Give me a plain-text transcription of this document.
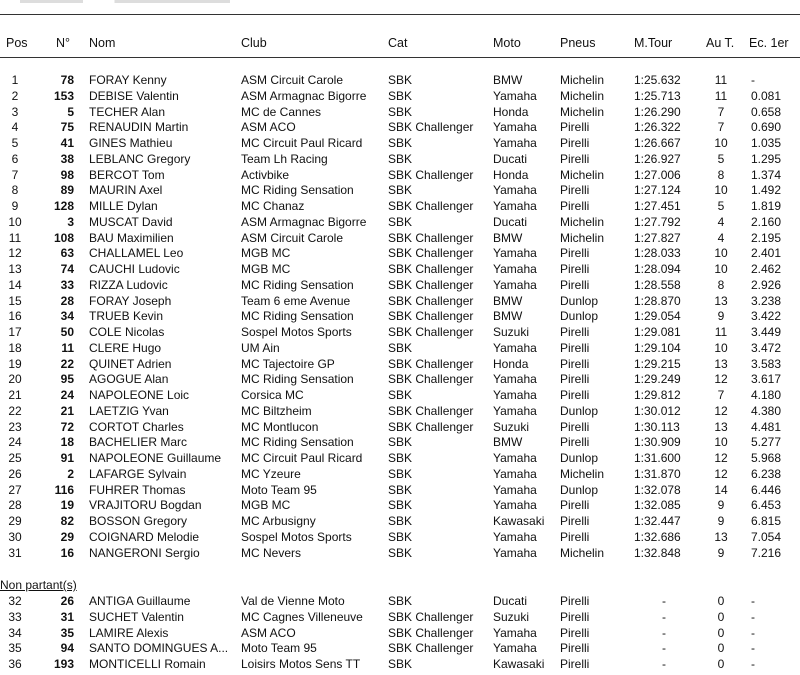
Pos	N°	Nom	Club	Cat	Moto	Pneus	M.Tour	Au T.	Ec. 1er
1	78 FORAY Kenny	ASM Circuit Carole	SBK	BMW	Michelin	1:25.632	11	-
2	153 DEBISE Valentin	ASM Armagnac Bigorre	SBK	Yamaha	Michelin	1:25.713	11	0.081
3	5 TECHER Alan	MC de Cannes	SBK	Honda	Michelin	1:26.290	7	0.658
4	75 RENAUDIN Martin	ASM ACO	SBK Challenger	Yamaha	Pirelli	1:26.322	7	0.690
5	41 GINES Mathieu	MC Circuit Paul Ricard	SBK	Yamaha	Pirelli	1:26.667	10	1.035
6	38 LEBLANC Gregory	Team Lh Racing	SBK	Ducati	Pirelli	1:26.927	5	1.295
7	98 BERCOT Tom	Activbike	SBK Challenger	Honda	Michelin	1:27.006	8	1.374
8	89 MAURIN Axel	MC Riding Sensation	SBK	Yamaha	Pirelli	1:27.124	10	1.492
9	128 MILLE Dylan	MC Chanaz	SBK Challenger	Yamaha	Pirelli	1:27.451	5	1.819
10	3 MUSCAT David	ASM Armagnac Bigorre	SBK	Ducati	Michelin	1:27.792	4	2.160
11	108 BAU Maximilien	ASM Circuit Carole	SBK Challenger	BMW	Michelin	1:27.827	4	2.195
12	63 CHALLAMEL Leo	MGB MC	SBK Challenger	Yamaha	Pirelli	1:28.033	10	2.401
13	74 CAUCHI Ludovic	MGB MC	SBK Challenger	Yamaha	Pirelli	1:28.094	10	2.462
14	33 RIZZA Ludovic	MC Riding Sensation	SBK Challenger	Yamaha	Pirelli	1:28.558	8	2.926
15	28 FORAY Joseph	Team 6 eme Avenue	SBK Challenger	BMW	Dunlop	1:28.870	13	3.238
16	34 TRUEB Kevin	MC Riding Sensation	SBK Challenger	BMW	Dunlop	1:29.054	9	3.422
17	50 COLE Nicolas	Sospel Motos Sports	SBK Challenger	Suzuki	Pirelli	1:29.081	11	3.449
18	11 CLERE Hugo	UM Ain	SBK	Yamaha	Pirelli	1:29.104	10	3.472
19	22 QUINET Adrien	MC Tajectoire GP	SBK Challenger	Honda	Pirelli	1:29.215	13	3.583
20	95 AGOGUE Alan	MC Riding Sensation	SBK Challenger	Yamaha	Pirelli	1:29.249	12	3.617
21	24 NAPOLEONE Loic	Corsica MC	SBK	Yamaha	Pirelli	1:29.812	7	4.180
22	21 LAETZIG Yvan	MC Biltzheim	SBK Challenger	Yamaha	Dunlop	1:30.012	12	4.380
23	72 CORTOT Charles	MC Montlucon	SBK Challenger	Suzuki	Pirelli	1:30.113	13	4.481
24	18 BACHELIER Marc	MC Riding Sensation	SBK	BMW	Pirelli	1:30.909	10	5.277
25	91 NAPOLEONE Guillaume	MC Circuit Paul Ricard	SBK	Yamaha	Dunlop	1:31.600	12	5.968
26	2 LAFARGE Sylvain	MC Yzeure	SBK	Yamaha	Michelin	1:31.870	12	6.238
27	116 FUHRER Thomas	Moto Team 95	SBK	Yamaha	Dunlop	1:32.078	14	6.446
28	19 VRAJITORU Bogdan	MGB MC	SBK	Yamaha	Pirelli	1:32.085	9	6.453
29	82 BOSSON Gregory	MC Arbusigny	SBK	Kawasaki	Pirelli	1:32.447	9	6.815
30	29 COIGNARD Melodie	Sospel Motos Sports	SBK	Yamaha	Pirelli	1:32.686	13	7.054
31	16 NANGERONI Sergio	MC Nevers	SBK	Yamaha	Michelin	1:32.848	9	7.216
Non partant(s)
32	26 ANTIGA Guillaume	Val de Vienne Moto	SBK	Ducati	Pirelli	-	0	-
33	31 SUCHET Valentin	MC Cagnes Villeneuve	SBK Challenger	Suzuki	Pirelli	-	0	-
34	35 LAMIRE Alexis	ASM ACO	SBK Challenger	Yamaha	Pirelli	-	0	-
35	94 SANTO DOMINGUES A...	Moto Team 95	SBK Challenger	Yamaha	Pirelli	-	0	-
36	193 MONTICELLI Romain	Loisirs Motos Sens TT	SBK	Kawasaki	Pirelli	-	0	-
